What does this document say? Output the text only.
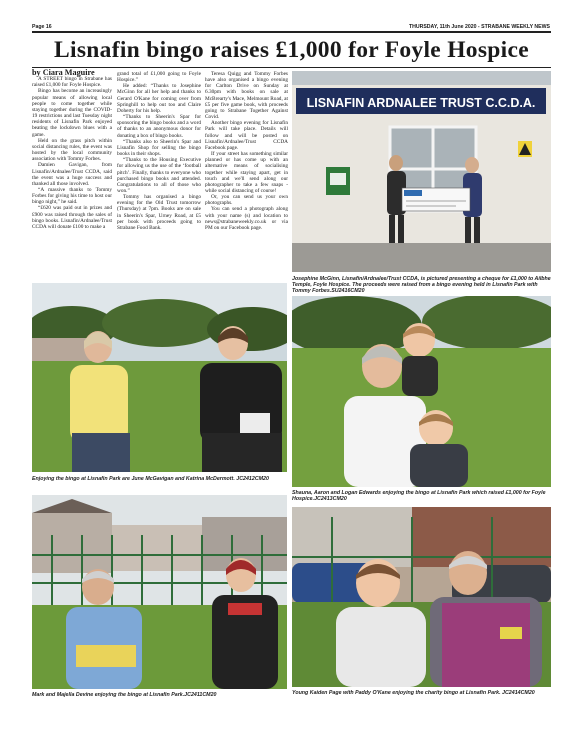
Page 16	THURSDAY, 11th June 2020 - STRABANE WEEKLY NEWS
Lisnafin bingo raises £1,000 for Foyle Hospice

by Ciara Maguire

A STREET bingo in Strabane has raised £1,000 for Foyle Hospice.

Bingo has become an increasingly popular means of allowing local people to come together while staying together during the COVID-19 restrictions and last Tuesday night residents of Lisnafin Park enjoyed beating the lockdown blues with a game.

Held on the grass pitch within social distancing rules, the event was hosted by the local community association with Tommy Forbes.

Damien Gavigan, from Lisnafin/Ardnalee/Trust CCDA, said the event was a huge success and thanked all those involved.

“A massive thanks to Tommy Forbes for giving his time to host our bingo night,” he said.

“£620 was paid out in prizes and £900 was raised through the sales of bingo books. Lisnafin/Ardnalee/Trust CCDA will donate £100 to make a

grand total of £1,000 going to Foyle Hospice.”

He added: “Thanks to Josephine McGinn for all her help and thanks to Gerard O'Kane for coming over from Springhill to help out too and Claire Doherty for his help.

“Thanks to Sheerin's Spar for sponsoring the bingo books and a word of thanks to an anonymous donor for donating a box of bingo books.

“Thanks also to Sheerin's Spar and Lisnafin Shop for selling the bingo books in their shops.

“Thanks to the Housing Executive for allowing us the use of the ‘football pitch’. Finally, thanks to everyone who purchased bingo books and attended. Congratulations to all of those who won.”

Tommy has organised a bingo evening for the Old Trust tomorrow (Thursday) at 7pm. Books are on sale in Sheerin's Spar, Urney Road, at £5 per book with proceeds going to Strabane Food Bank.

Teresa Quigg and Tommy Forbes have also organised a bingo evening for Carlton Drive on Sunday at 6.30pm with books on sale at McBrearty's Mace, Melmount Road, at £5 per five game book, with proceeds going to Strabane Together Against Covid.

Another bingo evening for Lisnafin Park will take place. Details will follow and will be posted on Lisnafin/Ardnalee/Trust CCDA Facebook page.

If your street has something similar planned or has come up with an alternative means of socialising together while staying apart, get in touch and we'll send along our photographer to take a few snaps - while social distancing of course!

Or, you can send us your own photographs.

You can send a photograph along with your name (s) and location to news@strabaneweekly.co.uk or via PM on our Facebook page.

LISNAFIN ARDNALEE TRUST C.C.D.A.
Josephine McGinn, Lisnafin/Ardnalee/Trust CCDA, is pictured presenting a cheque for £1,000 to Ailbhe Temple, Foyle Hospice. The proceeds were raised from a bingo evening held in Lisnafin Park with Tommy Forbes.SU2416CM20
Enjoying the bingo at Lisnafin Park are June McGavigan and Katrina McDermott. JC2412CM20
Shauna, Aaron and Logan Edwards enjoying the bingo at Lisnafin Park which raised £1,000 for Foyle Hospice.JC2413CM20
Mark and Majella Devine enjoying the bingo at Lisnafin Park.JC2411CM20	Young Kaiden Page with Paddy O'Kane enjoying the charity bingo at Lisnafin Park. JC2414CM20
